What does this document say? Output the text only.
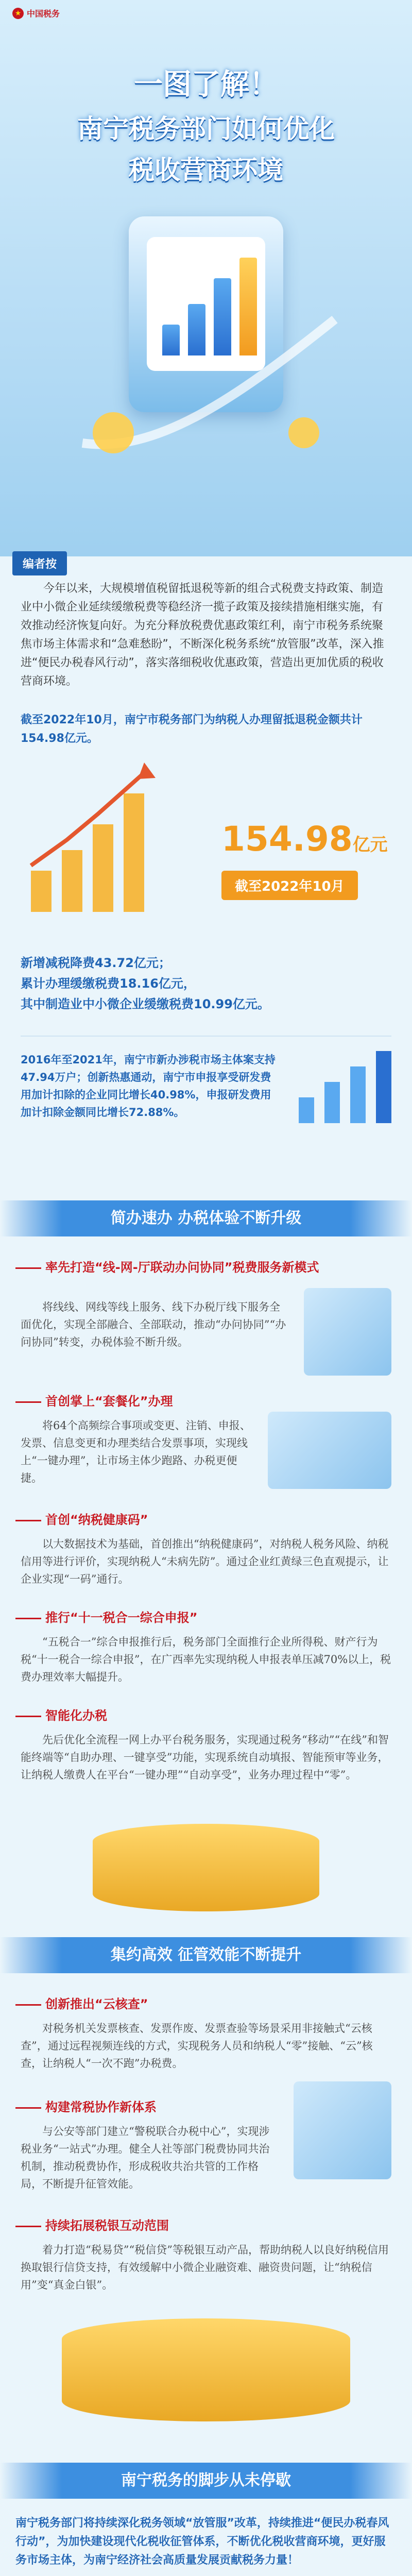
★ 中国税务
一图了解！
南宁税务部门如何优化
税收营商环境
编者按
今年以来，大规模增值税留抵退税等新的组合式税费支持政策、制造业中小微企业延续缓缴税费等稳经济一揽子政策及接续措施相继实施，有效推动经济恢复向好。为充分释放税费优惠政策红利，南宁市税务系统聚焦市场主体需求和“急难愁盼”，不断深化税务系统“放管服”改革，深入推进“便民办税春风行动”，落实落细税收优惠政策，营造出更加优质的税收营商环境。
截至2022年10月，南宁市税务部门为纳税人办理留抵退税金额共计154.98亿元。
154.98亿元
截至2022年10月
新增减税降费43.72亿元；
累计办理缓缴税费18.16亿元，
其中制造业中小微企业缓缴税费10.99亿元。
2016年至2021年，南宁市新办涉税市场主体案支持47.94万户；创新热惠通动，南宁市申报享受研发费用加计扣除的企业同比增长40.98%，申报研发费用加计扣除金额同比增长72.88%。
简办速办 办税体验不断升级
率先打造“线-网-厅联动办问协同”税费服务新模式
将线线、网线等线上服务、线下办税厅线下服务全面优化，实现全部融合、全部联动，推动“办问协同”“办问协同”转变，办税体验不断升级。
首创掌上“套餐化”办理
将64个高频综合事项或变更、注销、申报、发票、信息变更和办理类结合发票事项，实现线上“一键办理”，让市场主体少跑路、办税更便捷。
首创“纳税健康码”
以大数据技术为基础，首创推出“纳税健康码”，对纳税人税务风险、纳税信用等进行评价，实现纳税人“未病先防”。通过企业红黄绿三色直观提示，让企业实现“一码”通行。
推行“十一税合一综合申报”
“五税合一”综合申报推行后，税务部门全面推行企业所得税、财产行为税“十一税合一综合申报”，在广西率先实现纳税人申报表单压减70%以上，税费办理效率大幅提升。
智能化办税
先后优化全流程一网上办平台税务服务，实现通过税务“移动”“在线”和智能终端等“自助办理、一键享受”功能，实现系统自动填报、智能预审等业务，让纳税人缴费人在平台“一键办理”“自动享受”，业务办理过程中“零”。
集约高效 征管效能不断提升
创新推出“云核查”
对税务机关发票核查、发票作废、发票查验等场景采用非接触式“云核查”，通过远程视频连线的方式，实现税务人员和纳税人“零”接触、“云”核查，让纳税人“一次不跑”办税费。
构建常税协作新体系
与公安等部门建立“警税联合办税中心”，实现涉税业务“一站式”办理。健全人社等部门税费协同共治机制，推动税费协作，形成税收共治共管的工作格局，不断提升征管效能。
持续拓展税银互动范围
着力打造“税易贷”“税信贷”等税银互动产品，帮助纳税人以良好纳税信用换取银行信贷支持，有效缓解中小微企业融资难、融资贵问题，让“纳税信用”变“真金白银”。
南宁税务的脚步从未停歇
南宁税务部门将持续深化税务领域“放管服”改革，持续推进“便民办税春风行动”，为加快建设现代化税收征管体系，不断优化税收营商环境，更好服务市场主体，为南宁经济社会高质量发展贡献税务力量！
